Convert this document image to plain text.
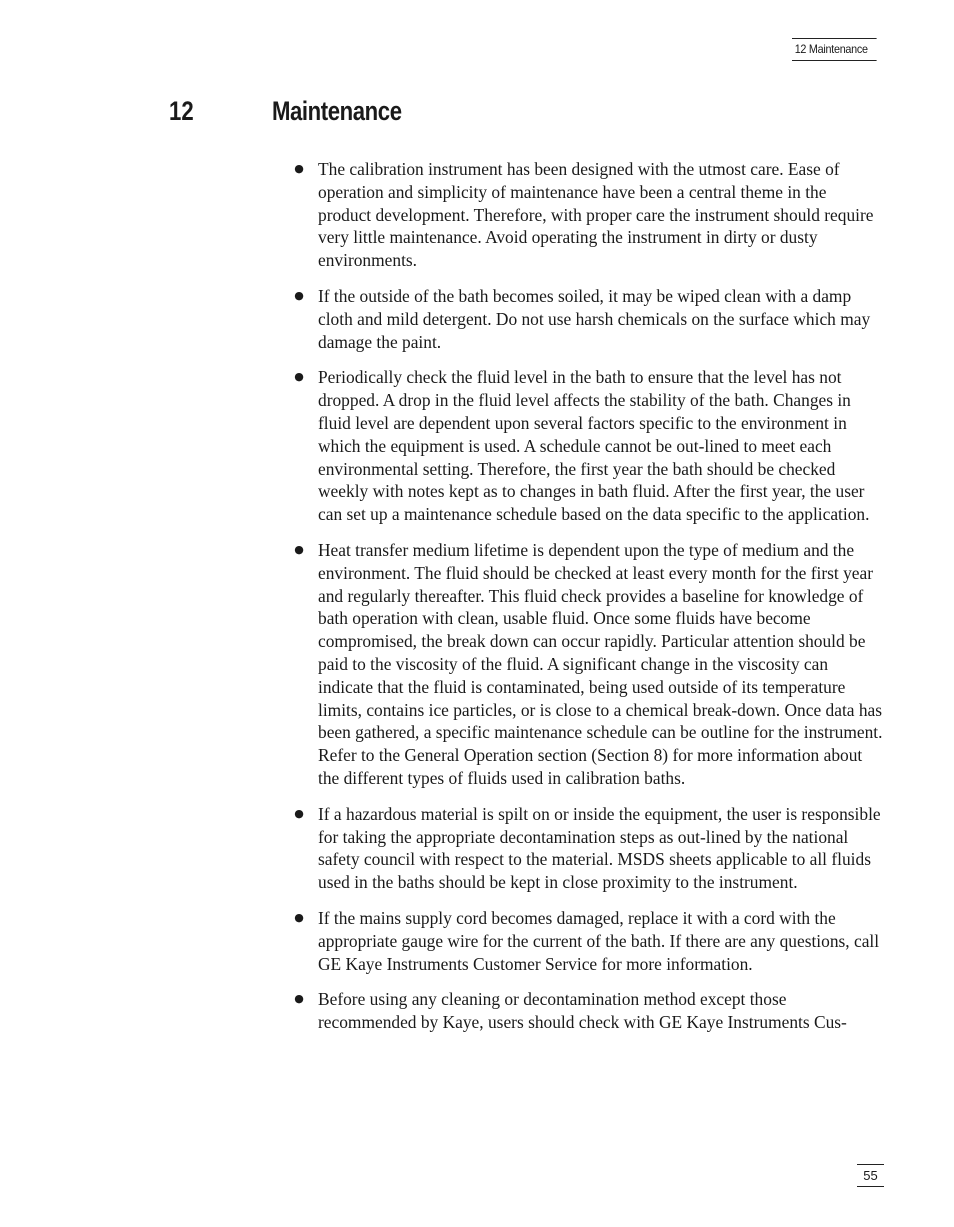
12 Maintenance
12	Maintenance
● The calibration instrument has been designed with the utmost care. Ease of operation and simplicity of maintenance have been a central theme in the product development. Therefore, with proper care the instrument should require very little maintenance. Avoid operating the instrument in dirty or dusty environments.
● If the outside of the bath becomes soiled, it may be wiped clean with a damp cloth and mild detergent. Do not use harsh chemicals on the surface which may damage the paint.
● Periodically check the fluid level in the bath to ensure that the level has not dropped. A drop in the fluid level affects the stability of the bath. Changes in fluid level are dependent upon several factors specific to the environment in which the equipment is used. A schedule cannot be out-lined to meet each environmental setting. Therefore, the first year the bath should be checked weekly with notes kept as to changes in bath fluid. After the first year, the user can set up a maintenance schedule based on the data specific to the application.
● Heat transfer medium lifetime is dependent upon the type of medium and the environment. The fluid should be checked at least every month for the first year and regularly thereafter. This fluid check provides a baseline for knowledge of bath operation with clean, usable fluid. Once some fluids have become compromised, the break down can occur rapidly. Particular attention should be paid to the viscosity of the fluid. A significant change in the viscosity can indicate that the fluid is contaminated, being used outside of its temperature limits, contains ice particles, or is close to a chemical break-down. Once data has been gathered, a specific maintenance schedule can be outline for the instrument. Refer to the General Operation section (Section 8) for more information about the different types of fluids used in calibration baths.
● If a hazardous material is spilt on or inside the equipment, the user is responsible for taking the appropriate decontamination steps as out-lined by the national safety council with respect to the material. MSDS sheets applicable to all fluids used in the baths should be kept in close proximity to the instrument.
● If the mains supply cord becomes damaged, replace it with a cord with the appropriate gauge wire for the current of the bath. If there are any questions, call GE Kaye Instruments Customer Service for more information.
● Before using any cleaning or decontamination method except those recommended by Kaye, users should check with GE Kaye Instruments Cus-
55
